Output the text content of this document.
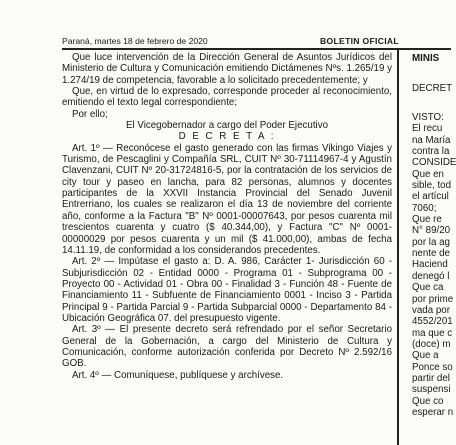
Paraná, martes 18 de febrero de 2020	BOLETIN OFICIAL

Que luce intervención de la Dirección General de Asuntos Jurídicos del Ministerio de Cultura y Comunicación emitiendo Dictámenes Nºs. 1.265/19 y 1.274/19 de competencia, favorable a lo solicitado precedentemente; y

Que, en virtud de lo expresado, corresponde proceder al reconocimiento, emitiendo el texto legal correspondiente;

Por ello;

El Vicegobernador a cargo del Poder Ejecutivo

D E C R E T A :

Art. 1º — Reconócese el gasto generado con las firmas Vikingo Viajes y Turismo, de Pescaglini y Compañía SRL, CUIT Nº 30-71114967-4 y Agustín Clavenzani, CUIT Nº 20-31724816-5, por la contratación de los servicios de city tour y paseo en lancha, para 82 personas, alumnos y docentes participantes de la XXVII Instancia Provincial del Senado Juvenil Entrerriano, los cuales se realizaron el día 13 de noviembre del corriente año, conforme a la Factura "B" Nº 0001-00007643, por pesos cuarenta mil trescientos cuarenta y cuatro ($ 40.344,00), y Factura "C" Nº 0001-00000029 por pesos cuarenta y un mil ($ 41.000,00), ambas de fecha 14.11.19, de conformidad a los considerandos precedentes.

Art. 2º — Impútase el gasto a: D. A. 986, Carácter 1- Jurisdicción 60 - Subjurisdicción 02 - Entidad 0000 - Programa 01 - Subprograma 00 - Proyecto 00 - Actividad 01 - Obra 00 - Finalidad 3 - Función 48 - Fuente de Financiamiento 11 - Subfuente de Financiamiento 0001 - Inciso 3 - Partida Principal 9 - Partida Parcial 9 - Partida Subparcial 0000 - Departamento 84 - Ubicación Geográfica 07. del presupuesto vigente.

Art. 3º — El presente decreto será refrendado por el señor Secretario General de la Gobernación, a cargo del Ministerio de Cultura y Comunicación, conforme autorización conferida por Decreto Nº 2.592/16 GOB.

Art. 4º — Comuníquese, publíquese y archívese.

MINIS
DECRET
VISTO:
El recu
na María
contra la
CONSIDE
Que en
sible, tod
el artícul
7060;
Que re
N° 89/20
por la ag
nente de
Haciend
denegó l
Que ca
por prime
vada por
4552/201
ma que c
(doce) m
Que a
Ponce so
partir del
suspensi
Que co
esperar n
